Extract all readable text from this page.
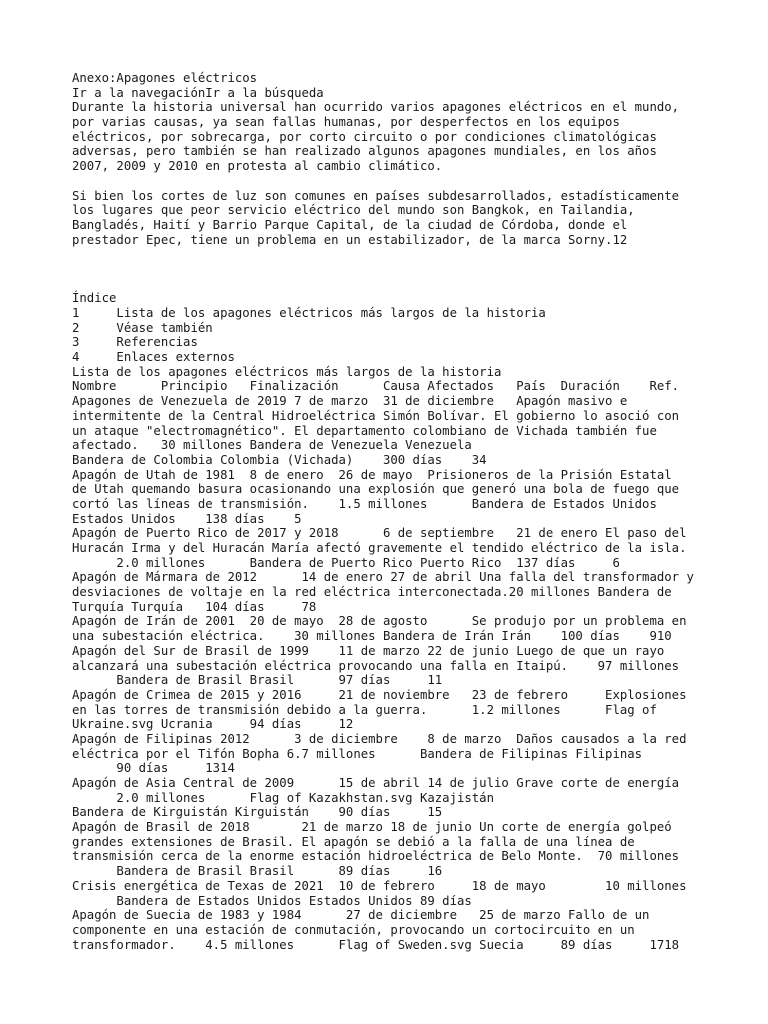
Anexo:Apagones eléctricos
Ir a la navegaciónIr a la búsqueda
Durante la historia universal han ocurrido varios apagones eléctricos en el mundo,
por varias causas, ya sean fallas humanas, por desperfectos en los equipos
eléctricos, por sobrecarga, por corto circuito o por condiciones climatológicas
adversas, pero también se han realizado algunos apagones mundiales, en los años
2007, 2009 y 2010 en protesta al cambio climático.
Si bien los cortes de luz son comunes en países subdesarrollados, estadísticamente
los lugares que peor servicio eléctrico del mundo son Bangkok, en Tailandia,
Bangladés, Haití y Barrio Parque Capital, de la ciudad de Córdoba, donde el
prestador Epec, tiene un problema en un estabilizador, de la marca Sorny.12
Índice
1     Lista de los apagones eléctricos más largos de la historia
2     Véase también
3     Referencias
4     Enlaces externos
Lista de los apagones eléctricos más largos de la historia
Nombre      Principio   Finalización      Causa Afectados   País  Duración    Ref.
Apagones de Venezuela de 2019 7 de marzo  31 de diciembre   Apagón masivo e
intermitente de la Central Hidroeléctrica Simón Bolívar. El gobierno lo asoció con
un ataque "electromagnético". El departamento colombiano de Vichada también fue
afectado.   30 millones Bandera de Venezuela Venezuela
Bandera de Colombia Colombia (Vichada)    300 días    34
Apagón de Utah de 1981  8 de enero  26 de mayo  Prisioneros de la Prisión Estatal
de Utah quemando basura ocasionando una explosión que generó una bola de fuego que
cortó las líneas de transmisión.    1.5 millones      Bandera de Estados Unidos
Estados Unidos    138 días    5
Apagón de Puerto Rico de 2017 y 2018      6 de septiembre   21 de enero El paso del
Huracán Irma y del Huracán María afectó gravemente el tendido eléctrico de la isla.
2.0 millones      Bandera de Puerto Rico Puerto Rico  137 días     6
Apagón de Mármara de 2012      14 de enero 27 de abril Una falla del transformador y
desviaciones de voltaje en la red eléctrica interconectada.20 millones Bandera de
Turquía Turquía   104 días     78
Apagón de Irán de 2001  20 de mayo  28 de agosto      Se produjo por un problema en
una subestación eléctrica.    30 millones Bandera de Irán Irán    100 días    910
Apagón del Sur de Brasil de 1999    11 de marzo 22 de junio Luego de que un rayo
alcanzará una subestación eléctrica provocando una falla en Itaipú.    97 millones
Bandera de Brasil Brasil      97 días     11
Apagón de Crimea de 2015 y 2016     21 de noviembre   23 de febrero     Explosiones
en las torres de transmisión debido a la guerra.      1.2 millones      Flag of
Ukraine.svg Ucrania     94 días     12
Apagón de Filipinas 2012      3 de diciembre    8 de marzo  Daños causados a la red
eléctrica por el Tifón Bopha 6.7 millones      Bandera de Filipinas Filipinas
90 días     1314
Apagón de Asia Central de 2009      15 de abril 14 de julio Grave corte de energía
2.0 millones      Flag of Kazakhstan.svg Kazajistán
Bandera de Kirguistán Kirguistán    90 días     15
Apagón de Brasil de 2018       21 de marzo 18 de junio Un corte de energía golpeó
grandes extensiones de Brasil. El apagón se debió a la falla de una línea de
transmisión cerca de la enorme estación hidroeléctrica de Belo Monte.  70 millones
Bandera de Brasil Brasil      89 días     16
Crisis energética de Texas de 2021  10 de febrero     18 de mayo        10 millones
Bandera de Estados Unidos Estados Unidos 89 días
Apagón de Suecia de 1983 y 1984      27 de diciembre   25 de marzo Fallo de un
componente en una estación de conmutación, provocando un cortocircuito en un
transformador.    4.5 millones      Flag of Sweden.svg Suecia     89 días     1718
